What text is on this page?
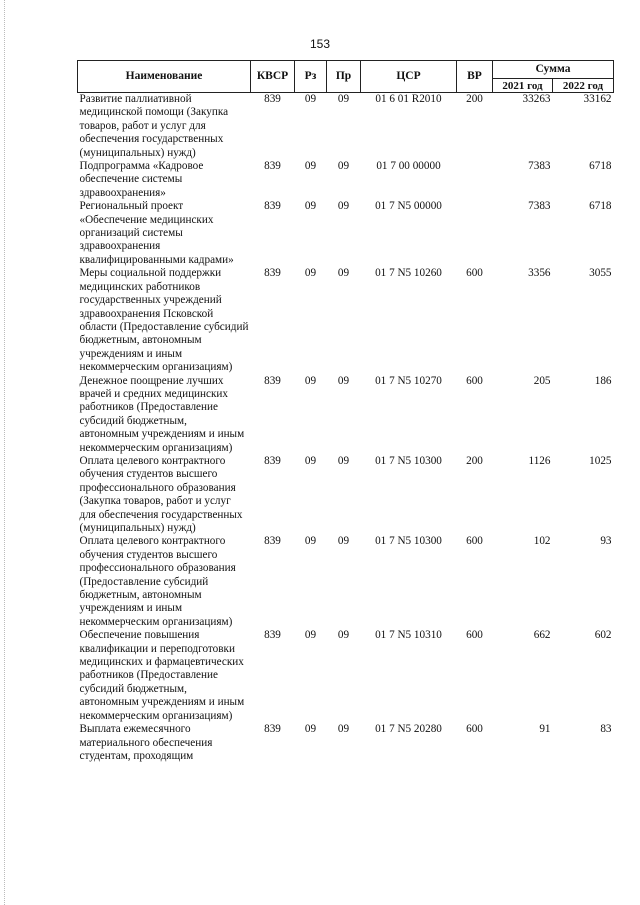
153
Наименование	КВСР	Рз	Пр	ЦСР	ВР	Сумма	
						2021 год	2022 год
Развитие паллиативной медицинской помощи (Закупка товаров, работ и услуг для обеспечения государственных (муниципальных) нужд)	839	09	09	01 6 01 R2010	200	33263	33162
Подпрограмма «Кадровое обеспечение системы здравоохранения»	839	09	09	01 7 00 00000		7383	6718
Региональный проект «Обеспечение медицинских организаций системы здравоохранения квалифицированными кадрами»	839	09	09	01 7 N5 00000		7383	6718
Меры социальной поддержки медицинских работников государственных учреждений здравоохранения Псковской области (Предоставление субсидий бюджетным, автономным учреждениям и иным некоммерческим организациям)	839	09	09	01 7 N5 10260	600	3356	3055
Денежное поощрение лучших врачей и средних медицинских работников (Предоставление субсидий бюджетным, автономным учреждениям и иным некоммерческим организациям)	839	09	09	01 7 N5 10270	600	205	186
Оплата целевого контрактного обучения студентов высшего профессионального образования (Закупка товаров, работ и услуг для обеспечения государственных (муниципальных) нужд)	839	09	09	01 7 N5 10300	200	1126	1025
Оплата целевого контрактного обучения студентов высшего профессионального образования (Предоставление субсидий бюджетным, автономным учреждениям и иным некоммерческим организациям)	839	09	09	01 7 N5 10300	600	102	93
Обеспечение повышения квалификации и переподготовки медицинских и фармацевтических работников (Предоставление субсидий бюджетным, автономным учреждениям и иным некоммерческим организациям)	839	09	09	01 7 N5 10310	600	662	602
Выплата ежемесячного материального обеспечения студентам, проходящим	839	09	09	01 7 N5 20280	600	91	83
